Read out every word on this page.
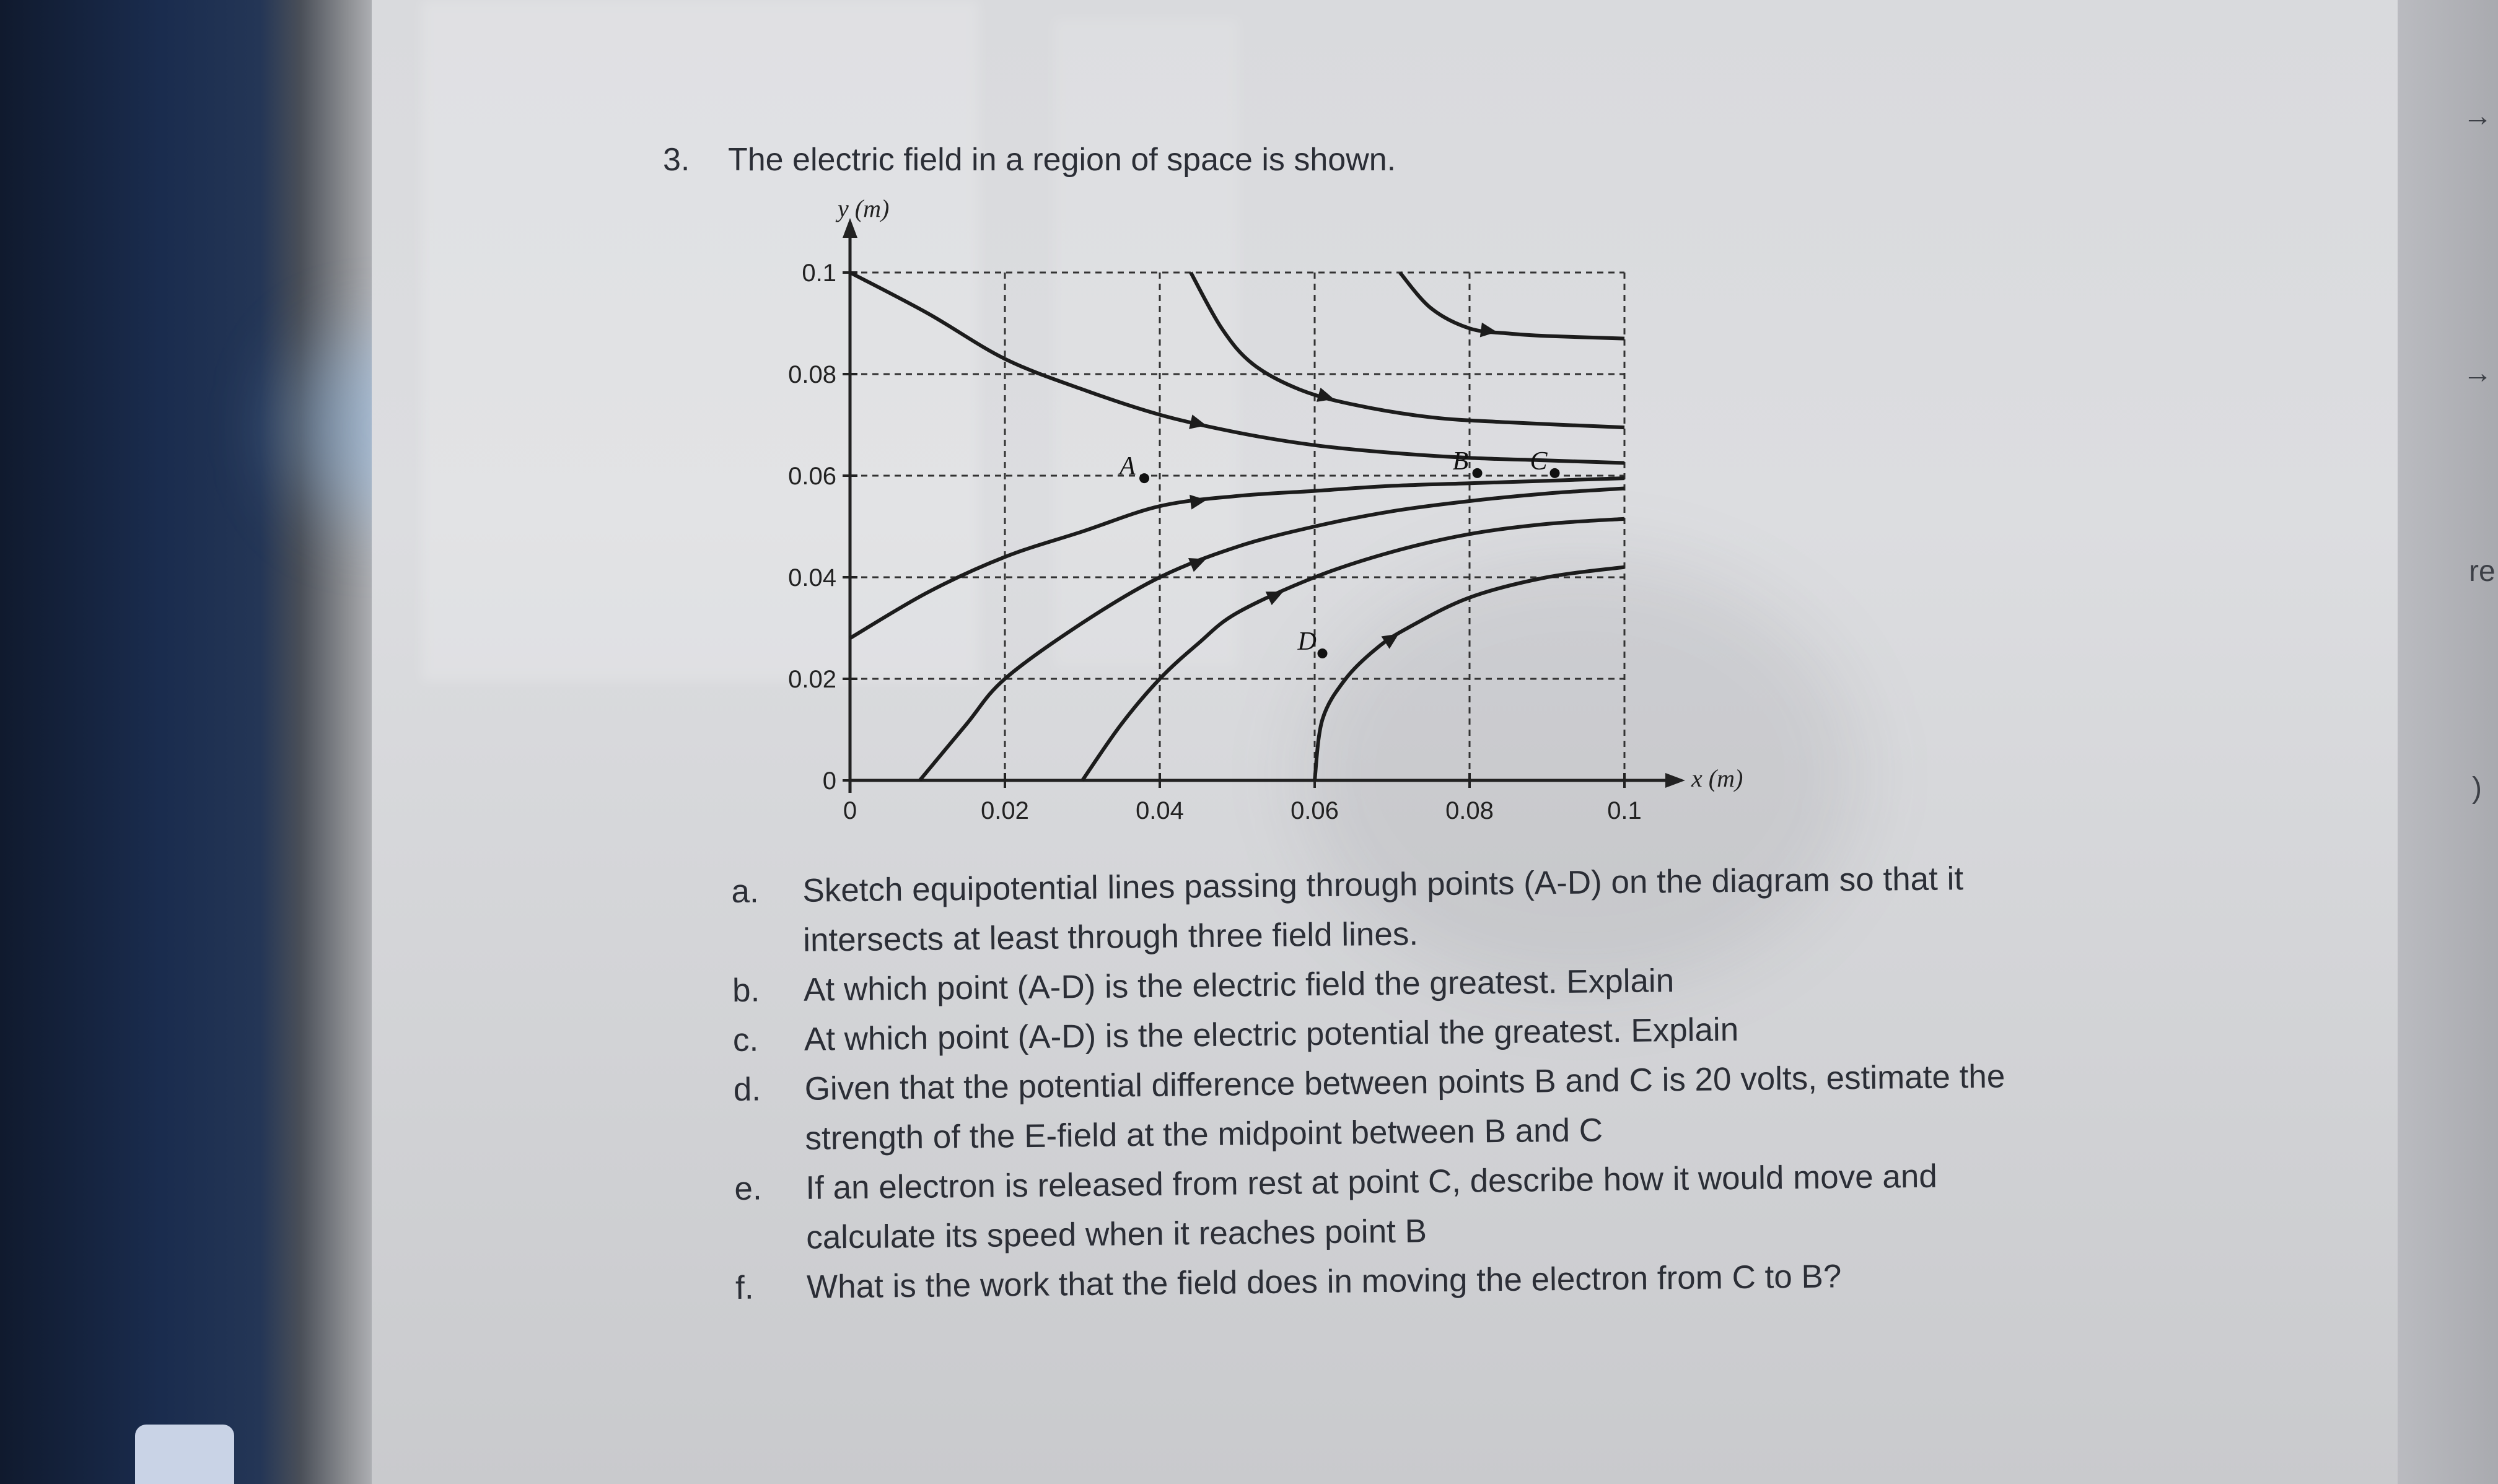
3. The electric field in a region of space is shown.
x (m)
y (m)
0	0.02	0.04	0.06	0.08	0.1
0
0.02
0.04
0.06
0.08
0.1
A	B C
D
a.	Sketch equipotential lines passing through points (A-D) on the diagram so that it intersects at least through three field lines.
b.	At which point (A-D) is the electric field the greatest. Explain
c.	At which point (A-D) is the electric potential the greatest. Explain
d.	Given that the potential difference between points B and C is 20 volts, estimate the strength of the E-field at the midpoint between B and C
e.	If an electron is released from rest at point C, describe how it would move and calculate its speed when it reaches point B
f.	What is the work that the field does in moving the electron from C to B?
→
→
re
)
